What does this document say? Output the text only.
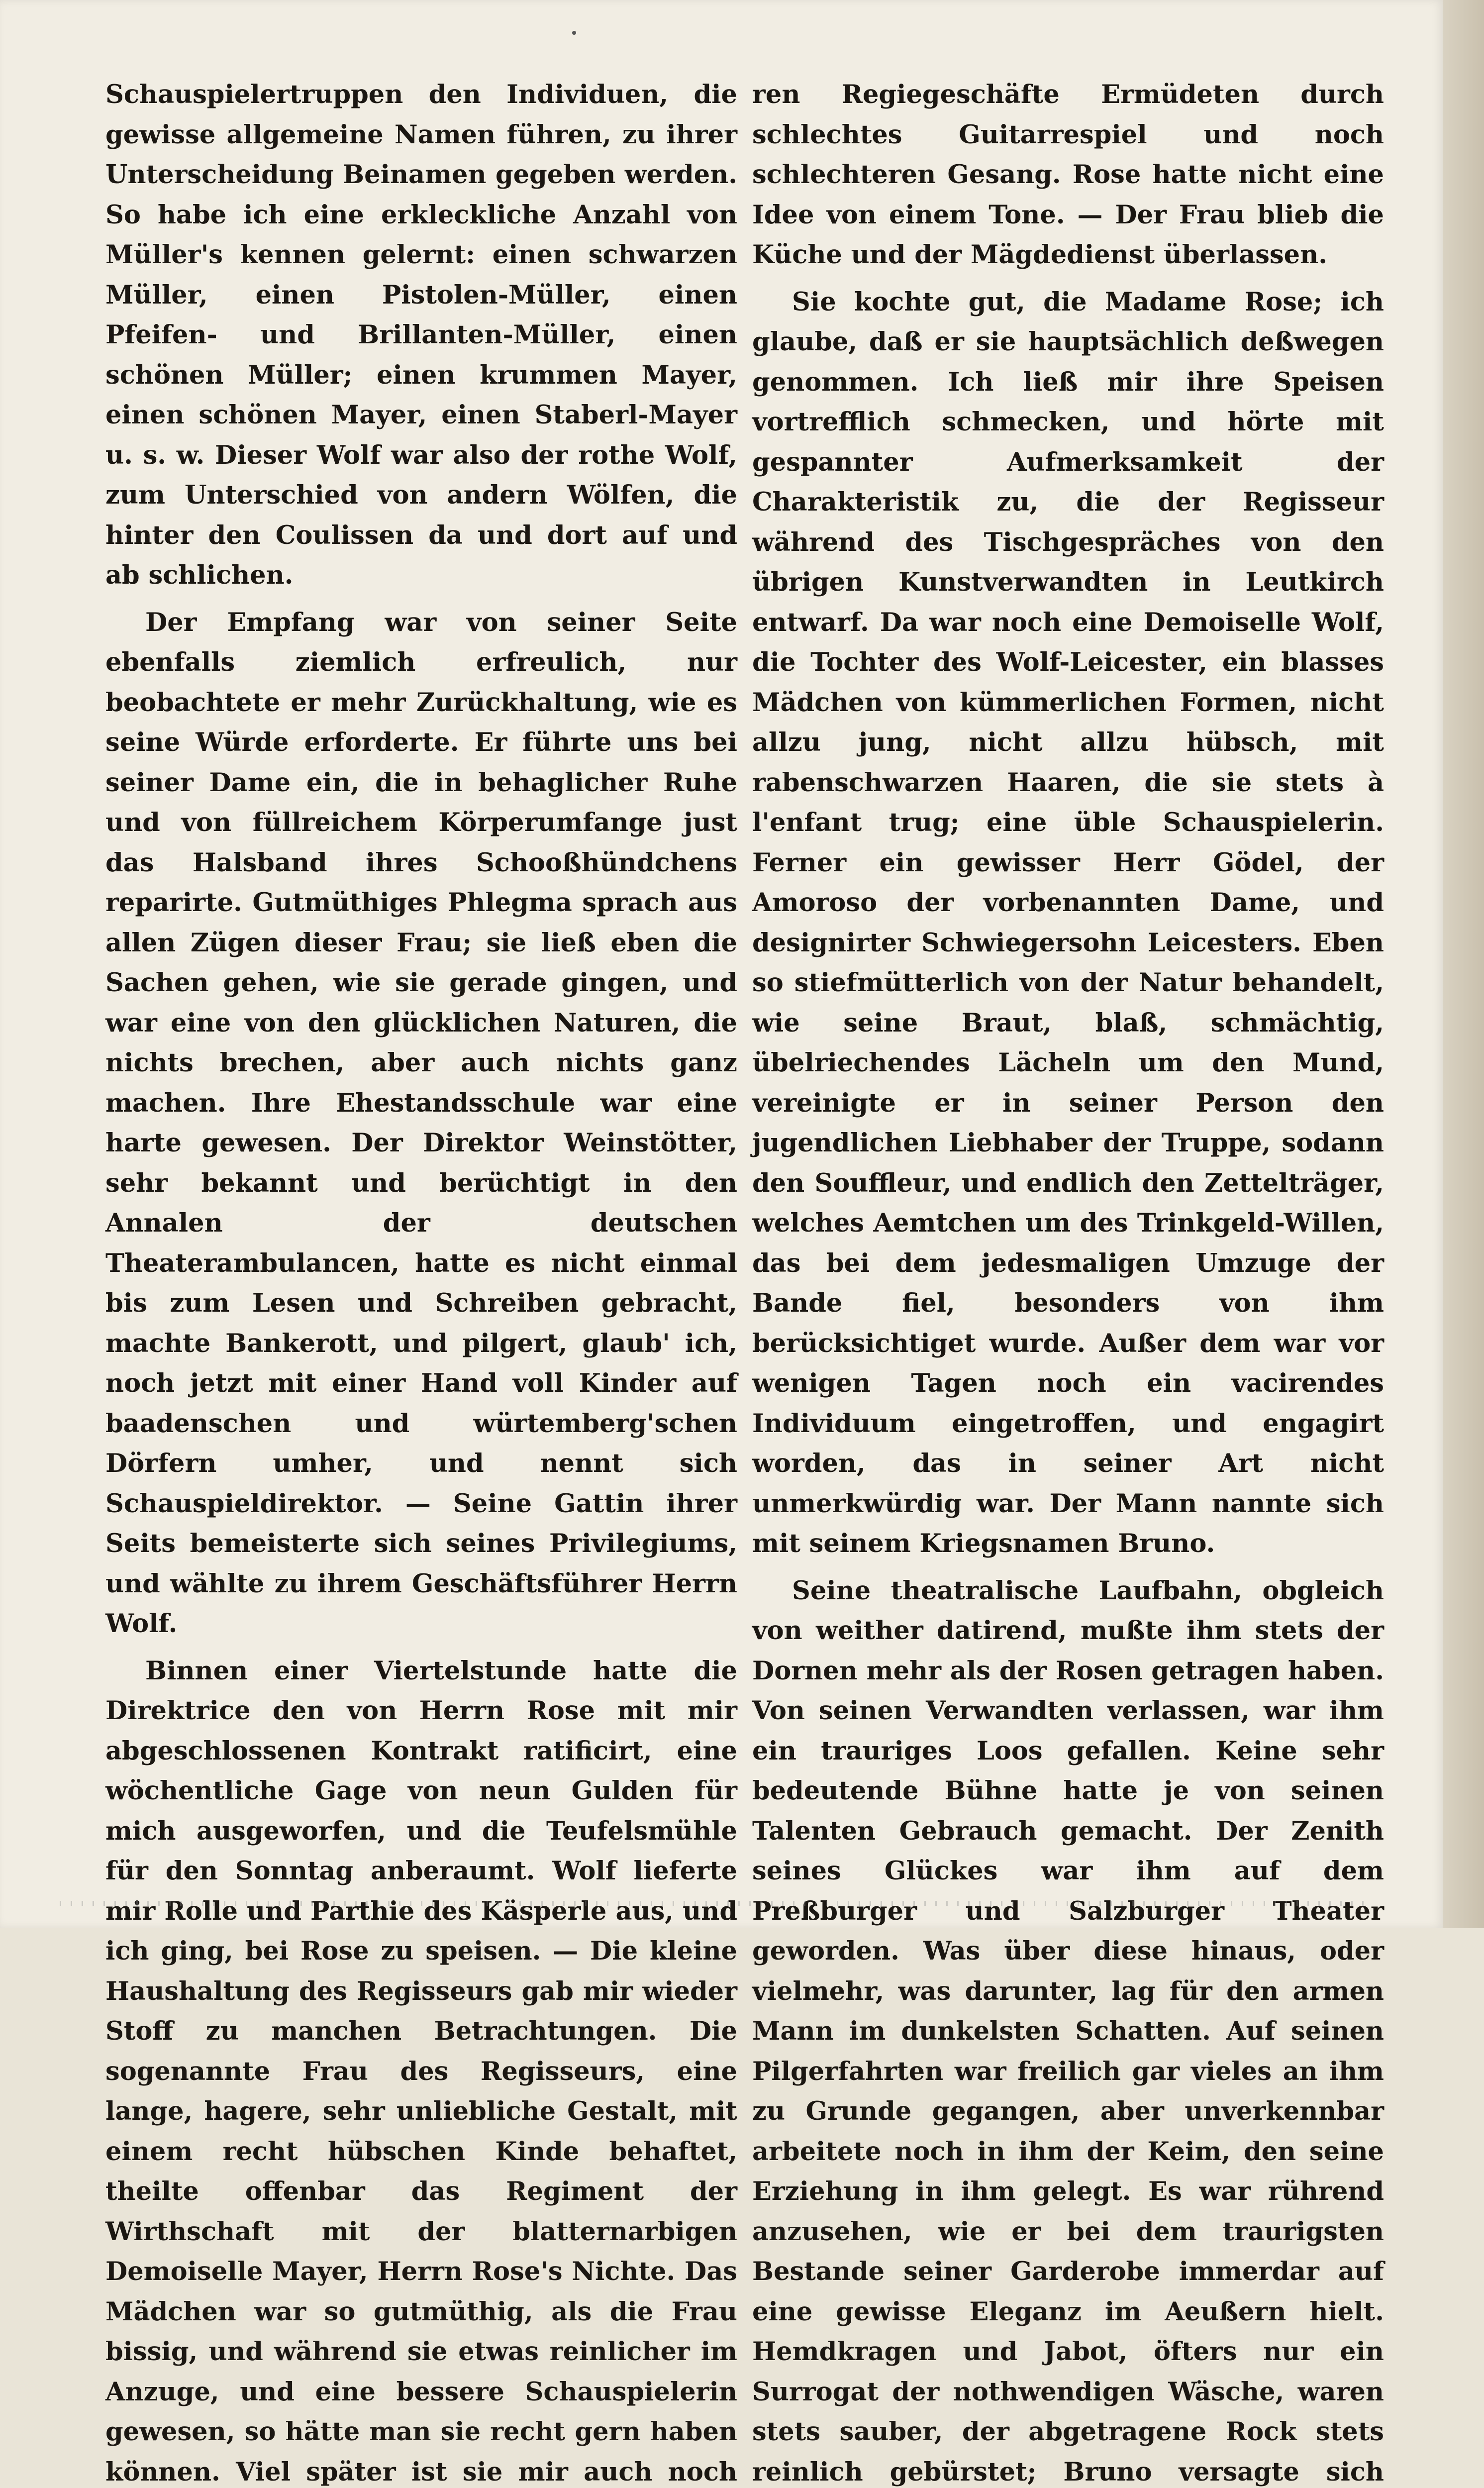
Schauspielertruppen den Individuen, die gewisse allgemeine Namen führen, zu ihrer Unterscheidung Beinamen gegeben werden. So habe ich eine erkleckliche Anzahl von Müller's kennen gelernt: einen schwarzen Müller, einen Pistolen-Müller, einen Pfeifen- und Brillanten-Müller, einen schönen Müller; einen krummen Mayer, einen schönen Mayer, einen Staberl-Mayer u. s. w. Dieser Wolf war also der rothe Wolf, zum Unterschied von andern Wölfen, die hinter den Coulissen da und dort auf und ab schlichen.

Der Empfang war von seiner Seite ebenfalls ziemlich erfreulich, nur beobachtete er mehr Zurückhaltung, wie es seine Würde erforderte. Er führte uns bei seiner Dame ein, die in behaglicher Ruhe und von füllreichem Körperumfange just das Halsband ihres Schooßhündchens reparirte. Gutmüthiges Phlegma sprach aus allen Zügen dieser Frau; sie ließ eben die Sachen gehen, wie sie gerade gingen, und war eine von den glücklichen Naturen, die nichts brechen, aber auch nichts ganz machen. Ihre Ehestandsschule war eine harte gewesen. Der Direktor Weinstötter, sehr bekannt und berüchtigt in den Annalen der deutschen Theaterambulancen, hatte es nicht einmal bis zum Lesen und Schreiben gebracht, machte Bankerott, und pilgert, glaub' ich, noch jetzt mit einer Hand voll Kinder auf baadenschen und würtemberg'schen Dörfern umher, und nennt sich Schauspieldirektor. — Seine Gattin ihrer Seits bemeisterte sich seines Privilegiums, und wählte zu ihrem Geschäftsführer Herrn Wolf.

Binnen einer Viertelstunde hatte die Direktrice den von Herrn Rose mit mir abgeschlossenen Kontrakt ratificirt, eine wöchentliche Gage von neun Gulden für mich ausgeworfen, und die Teufelsmühle für den Sonntag anberaumt. Wolf lieferte mir Rolle und Parthie des Käsperle aus, und ich ging, bei Rose zu speisen. — Die kleine Haushaltung des Regisseurs gab mir wieder Stoff zu manchen Betrachtungen. Die sogenannte Frau des Regisseurs, eine lange, hagere, sehr unliebliche Gestalt, mit einem recht hübschen Kinde behaftet, theilte offenbar das Regiment der Wirthschaft mit der blatternarbigen Demoiselle Mayer, Herrn Rose's Nichte. Das Mädchen war so gutmüthig, als die Frau bissig, und während sie etwas reinlicher im Anzuge, und eine bessere Schauspielerin gewesen, so hätte man sie recht gern haben können. Viel später ist sie mir auch noch

ren Regiegeschäfte Ermüdeten durch schlechtes Guitarrespiel und noch schlechteren Gesang. Rose hatte nicht eine Idee von einem Tone. — Der Frau blieb die Küche und der Mägdedienst überlassen.

Sie kochte gut, die Madame Rose; ich glaube, daß er sie hauptsächlich deßwegen genommen. Ich ließ mir ihre Speisen vortrefflich schmecken, und hörte mit gespannter Aufmerksamkeit der Charakteristik zu, die der Regisseur während des Tischgespräches von den übrigen Kunstverwandten in Leutkirch entwarf. Da war noch eine Demoiselle Wolf, die Tochter des Wolf-Leicester, ein blasses Mädchen von kümmerlichen Formen, nicht allzu jung, nicht allzu hübsch, mit rabenschwarzen Haaren, die sie stets à l'enfant trug; eine üble Schauspielerin. Ferner ein gewisser Herr Gödel, der Amoroso der vorbenannten Dame, und designirter Schwiegersohn Leicesters. Eben so stiefmütterlich von der Natur behandelt, wie seine Braut, blaß, schmächtig, übelriechendes Lächeln um den Mund, vereinigte er in seiner Person den jugendlichen Liebhaber der Truppe, sodann den Souffleur, und endlich den Zettelträger, welches Aemtchen um des Trinkgeld-Willen, das bei dem jedesmaligen Umzuge der Bande fiel, besonders von ihm berücksichtiget wurde. Außer dem war vor wenigen Tagen noch ein vacirendes Individuum eingetroffen, und engagirt worden, das in seiner Art nicht unmerkwürdig war. Der Mann nannte sich mit seinem Kriegsnamen Bruno.

Seine theatralische Laufbahn, obgleich von weither datirend, mußte ihm stets der Dornen mehr als der Rosen getragen haben. Von seinen Verwandten verlassen, war ihm ein trauriges Loos gefallen. Keine sehr bedeutende Bühne hatte je von seinen Talenten Gebrauch gemacht. Der Zenith seines Glückes war ihm auf dem Preßburger und Salzburger Theater geworden. Was über diese hinaus, oder vielmehr, was darunter, lag für den armen Mann im dunkelsten Schatten. Auf seinen Pilgerfahrten war freilich gar vieles an ihm zu Grunde gegangen, aber unverkennbar arbeitete noch in ihm der Keim, den seine Erziehung in ihm gelegt. Es war rührend anzusehen, wie er bei dem traurigsten Bestande seiner Garderobe immerdar auf eine gewisse Eleganz im Aeußern hielt. Hemdkragen und Jabot, öfters nur ein Surrogat der nothwendigen Wäsche, waren stets sauber, der abgetragene Rock stets reinlich gebürstet; Bruno versagte sich
